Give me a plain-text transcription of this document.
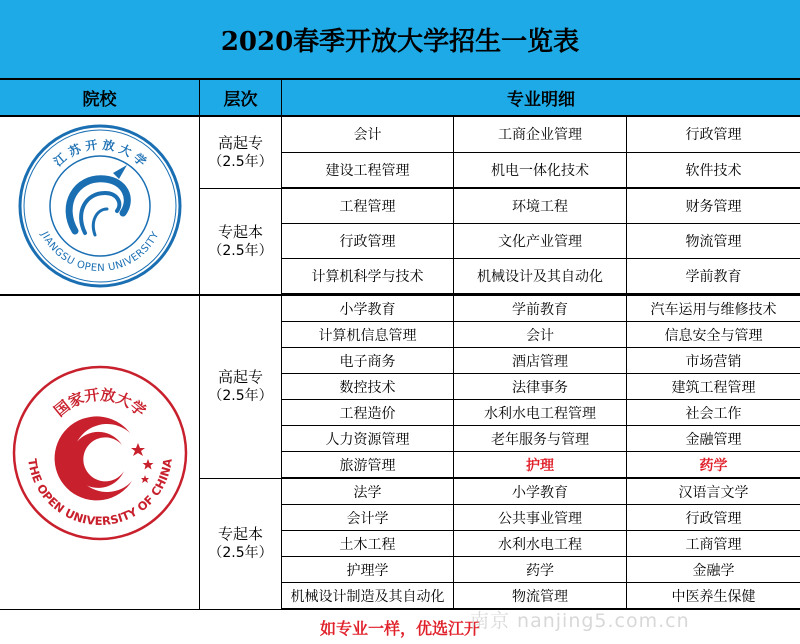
2020春季开放大学招生一览表
院校	层次	专业明细
江 苏 开 放 大 学
JIANGSU OPEN UNIVERSITY
高起专
（2.5年）
会计	工商企业管理	行政管理
建设工程管理	机电一体化技术	软件技术
专起本
（2.5年）
工程管理	环境工程	财务管理
行政管理	文化产业管理	物流管理
计算机科学与技术	机械设计及其自动化	学前教育
国家开放大学
THE OPEN UNIVERSITY OF CHINA
高起专
（2.5年）
小学教育	学前教育	汽车运用与维修技术
计算机信息管理	会计	信息安全与管理
电子商务	酒店管理	市场营销
数控技术	法律事务	建筑工程管理
工程造价	水利水电工程管理	社会工作
人力资源管理	老年服务与管理	金融管理
旅游管理	护理	药学
专起本
（2.5年）
法学	小学教育	汉语言文学
会计学	公共事业管理	行政管理
土木工程	水利水电工程	工商管理
护理学	药学	金融学
机械设计制造及其自动化	物流管理	中医养生保健
如专业一样，优选江开
南京 nanjing5.com.cn
